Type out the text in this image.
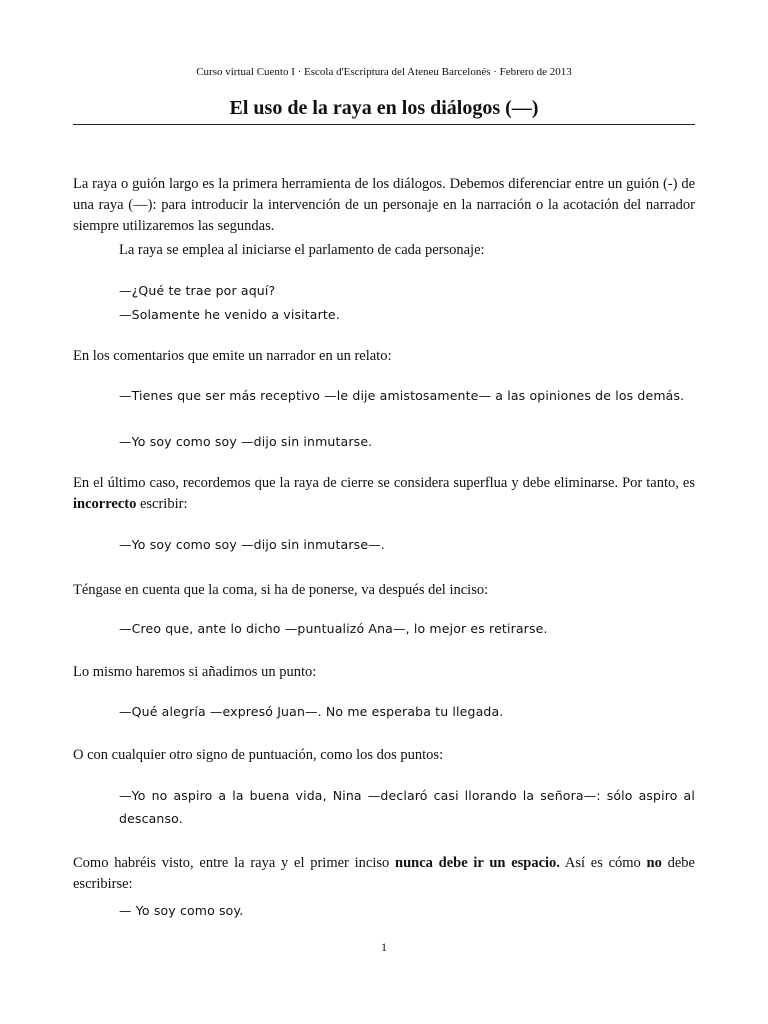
Curso virtual Cuento I · Escola d'Escriptura del Ateneu Barcelonés · Febrero de 2013
El uso de la raya en los diálogos (—)
La raya o guión largo es la primera herramienta de los diálogos. Debemos diferenciar entre un guión (-) de una raya (—): para introducir la intervención de un personaje en la narración o la acotación del narrador siempre utilizaremos las segundas.
La raya se emplea al iniciarse el parlamento de cada personaje:
—¿Qué te trae por aquí?
—Solamente he venido a visitarte.
En los comentarios que emite un narrador en un relato:
—Tienes que ser más receptivo —le dije amistosamente— a las opiniones de los demás.
—Yo soy como soy —dijo sin inmutarse.
En el último caso, recordemos que la raya de cierre se considera superflua y debe eliminarse. Por tanto, es incorrecto escribir:
—Yo soy como soy —dijo sin inmutarse—.
Téngase en cuenta que la coma, si ha de ponerse, va después del inciso:
—Creo que, ante lo dicho —puntualizó Ana—, lo mejor es retirarse.
Lo mismo haremos si añadimos un punto:
—Qué alegría —expresó Juan—. No me esperaba tu llegada.
O con cualquier otro signo de puntuación, como los dos puntos:
—Yo no aspiro a la buena vida, Nina —declaró casi llorando la señora—: sólo aspiro al descanso.
Como habréis visto, entre la raya y el primer inciso nunca debe ir un espacio. Así es cómo no debe escribirse:
— Yo soy como soy.
1
